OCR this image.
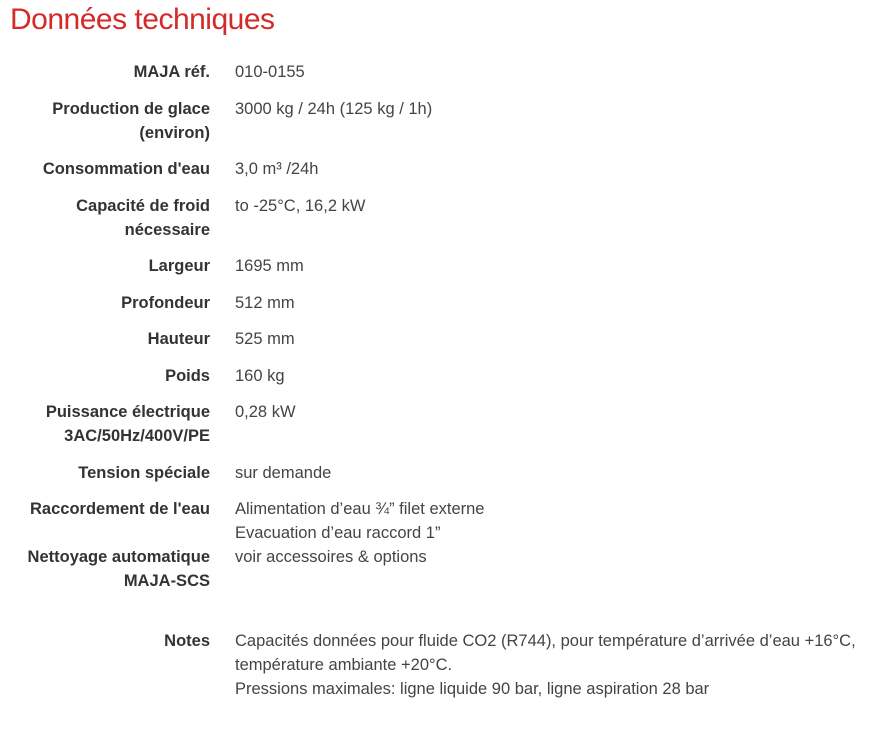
Données techniques
MAJA réf. 010-0155
Production de glace (environ)
3000 kg / 24h (125 kg / 1h)
Consommation d'eau 3,0 m³ /24h
Capacité de froid nécessaire
to -25°C, 16,2 kW
Largeur 1695 mm
Profondeur 512 mm
Hauteur 525 mm
Poids 160 kg
Puissance électrique 3AC/50Hz/400V/PE
0,28 kW
Tension spéciale sur demande
Raccordement de l'eau Alimentation d’eau ¾” filet externe
Evacuation d’eau raccord 1”
Nettoyage automatique MAJA-SCS
voir accessoires & options
Notes Capacités données pour fluide CO2 (R744), pour température d’arrivée d’eau +16°C, température ambiante +20°C.
Pressions maximales: ligne liquide 90 bar, ligne aspiration 28 bar
